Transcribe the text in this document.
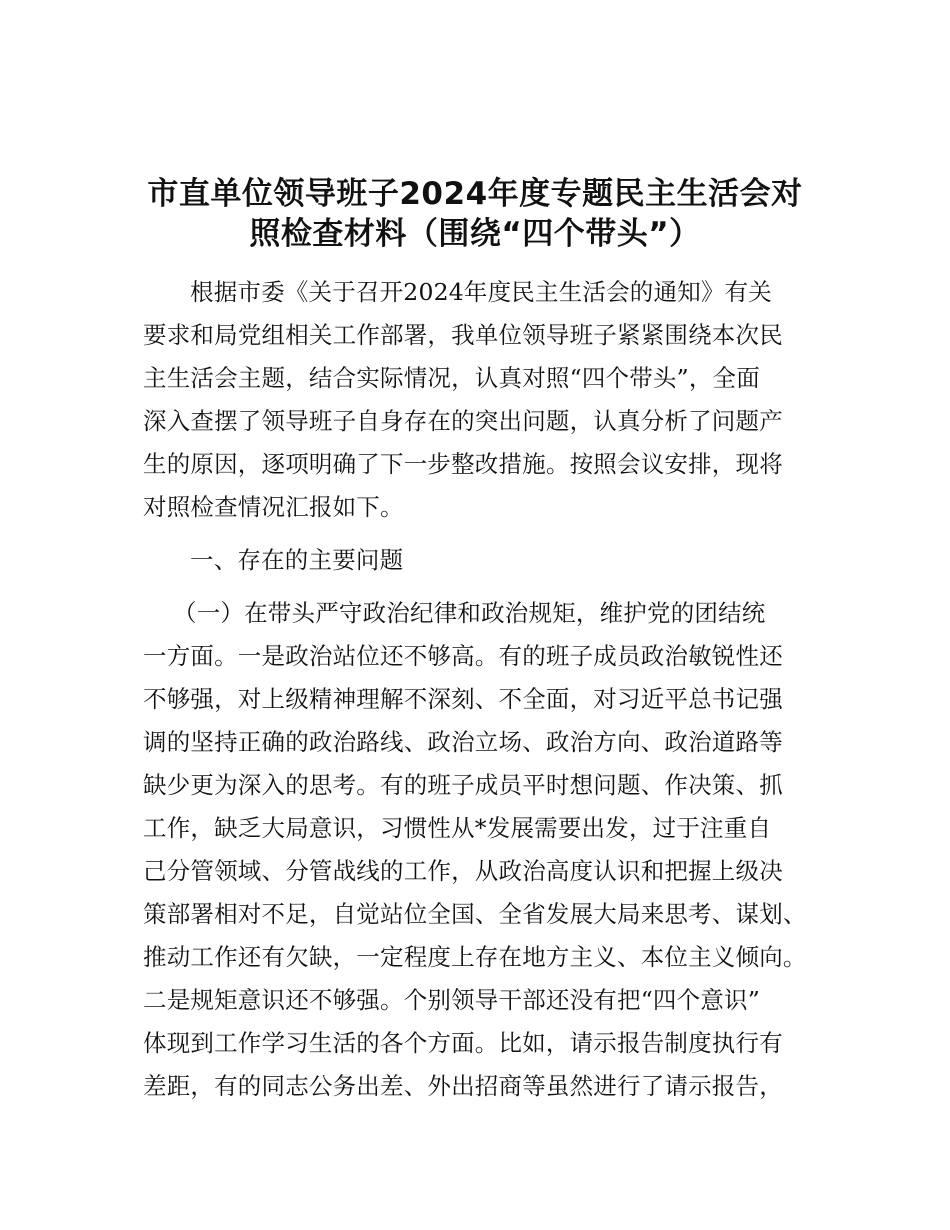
市直单位领导班子2024年度专题民主生活会对
照检查材料（围绕“四个带头”）
根据市委《关于召开2024年度民主生活会的通知》有关
要求和局党组相关工作部署，我单位领导班子紧紧围绕本次民
主生活会主题，结合实际情况，认真对照“四个带头”，全面
深入查摆了领导班子自身存在的突出问题，认真分析了问题产
生的原因，逐项明确了下一步整改措施。按照会议安排，现将
对照检查情况汇报如下。
一、存在的主要问题
（一）在带头严守政治纪律和政治规矩，维护党的团结统
一方面。一是政治站位还不够高。有的班子成员政治敏锐性还
不够强，对上级精神理解不深刻、不全面，对习近平总书记强
调的坚持正确的政治路线、政治立场、政治方向、政治道路等
缺少更为深入的思考。有的班子成员平时想问题、作决策、抓
工作，缺乏大局意识，习惯性从*发展需要出发，过于注重自
己分管领域、分管战线的工作，从政治高度认识和把握上级决
策部署相对不足，自觉站位全国、全省发展大局来思考、谋划、
推动工作还有欠缺，一定程度上存在地方主义、本位主义倾向。
二是规矩意识还不够强。个别领导干部还没有把“四个意识”
体现到工作学习生活的各个方面。比如，请示报告制度执行有
差距，有的同志公务出差、外出招商等虽然进行了请示报告，
